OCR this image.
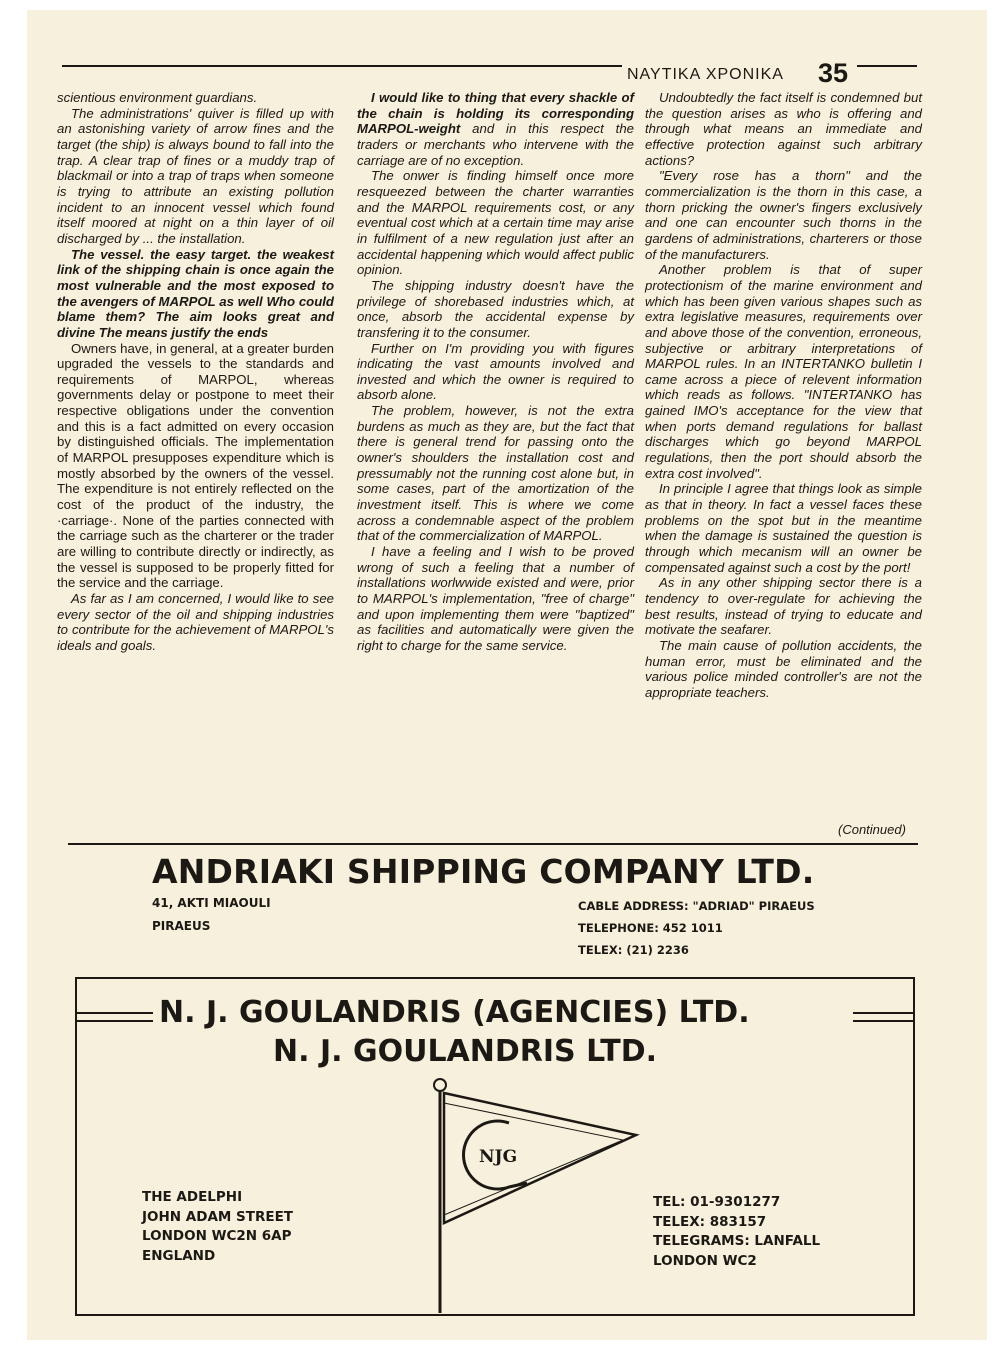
ΝΑΥΤΙΚΑ ΧΡΟΝΙΚΑ 35

scientious environment guardians.

The administrations' quiver is filled up with an astonishing variety of arrow fines and the target (the ship) is always bound to fall into the trap. A clear trap of fines or a muddy trap of blackmail or into a trap of traps when someone is trying to attribute an existing pollution incident to an innocent vessel which found itself moored at night on a thin layer of oil discharged by ... the installation.

The vessel. the easy target. the weakest link of the shipping chain is once again the most vulnerable and the most exposed to the avengers of MARPOL as well Who could blame them? The aim looks great and divine The means justify the ends

Owners have, in general, at a greater burden upgraded the vessels to the standards and requirements of MARPOL, whereas governments delay or postpone to meet their respective obligations under the convention and this is a fact admitted on every occasion by distinguished officials. The implementation of MARPOL presupposes expenditure which is mostly absorbed by the owners of the vessel. The expenditure is not entirely reflected on the cost of the product of the industry, the ·carriage·. None of the parties connected with the carriage such as the charterer or the trader are willing to contribute directly or indirectly, as the vessel is supposed to be properly fitted for the service and the carriage.

As far as I am concerned, I would like to see every sector of the oil and shipping industries to contribute for the achievement of MARPOL's ideals and goals.

I would like to thing that every shackle of the chain is holding its corresponding MARPOL-weight and in this respect the traders or merchants who intervene with the carriage are of no exception.

The onwer is finding himself once more resqueezed between the charter warranties and the MARPOL requirements cost, or any eventual cost which at a certain time may arise in fulfilment of a new regulation just after an accidental happening which would affect public opinion.

The shipping industry doesn't have the privilege of shorebased industries which, at once, absorb the accidental expense by transfering it to the consumer.

Further on I'm providing you with figures indicating the vast amounts involved and invested and which the owner is required to absorb alone.

The problem, however, is not the extra burdens as much as they are, but the fact that there is general trend for passing onto the owner's shoulders the installation cost and pressumably not the running cost alone but, in some cases, part of the amortization of the investment itself. This is where we come across a condemnable aspect of the problem that of the commercialization of MARPOL.

I have a feeling and I wish to be proved wrong of such a feeling that a number of installations worlwwide existed and were, prior to MARPOL's implementation, "free of charge" and upon implementing them were "baptized" as facilities and automatically were given the right to charge for the same service.

Undoubtedly the fact itself is condemned but the question arises as who is offering and through what means an immediate and effective protection against such arbitrary actions?

"Every rose has a thorn" and the commercialization is the thorn in this case, a thorn pricking the owner's fingers exclusively and one can encounter such thorns in the gardens of administrations, charterers or those of the manufacturers.

Another problem is that of super protectionism of the marine environment and which has been given various shapes such as extra legislative measures, requirements over and above those of the convention, erroneous, subjective or arbitrary interpretations of MARPOL rules. In an INTERTANKO bulletin I came across a piece of relevent information which reads as follows. "INTERTANKO has gained IMO's acceptance for the view that when ports demand regulations for ballast discharges which go beyond MARPOL regulations, then the port should absorb the extra cost involved".

In principle I agree that things look as simple as that in theory. In fact a vessel faces these problems on the spot but in the meantime when the damage is sustained the question is through which mecanism will an owner be compensated against such a cost by the port!

As in any other shipping sector there is a tendency to over-regulate for achieving the best results, instead of trying to educate and motivate the seafarer.

The main cause of pollution accidents, the human error, must be eliminated and the various police minded controller's are not the appropriate teachers.

(Continued)
ANDRIAKI SHIPPING COMPANY LTD.
41, AKTI MIAOULI
PIRAEUS
CABLE ADDRESS: "ADRIAD" PIRAEUS
TELEPHONE: 452 1011
TELEX: (21) 2236
N. J. GOULANDRIS (AGENCIES) LTD.
N. J. GOULANDRIS LTD.
NJG
THE ADELPHI
JOHN ADAM STREET
LONDON WC2N 6AP
ENGLAND
TEL: 01-9301277
TELEX: 883157
TELEGRAMS: LANFALL
LONDON WC2
